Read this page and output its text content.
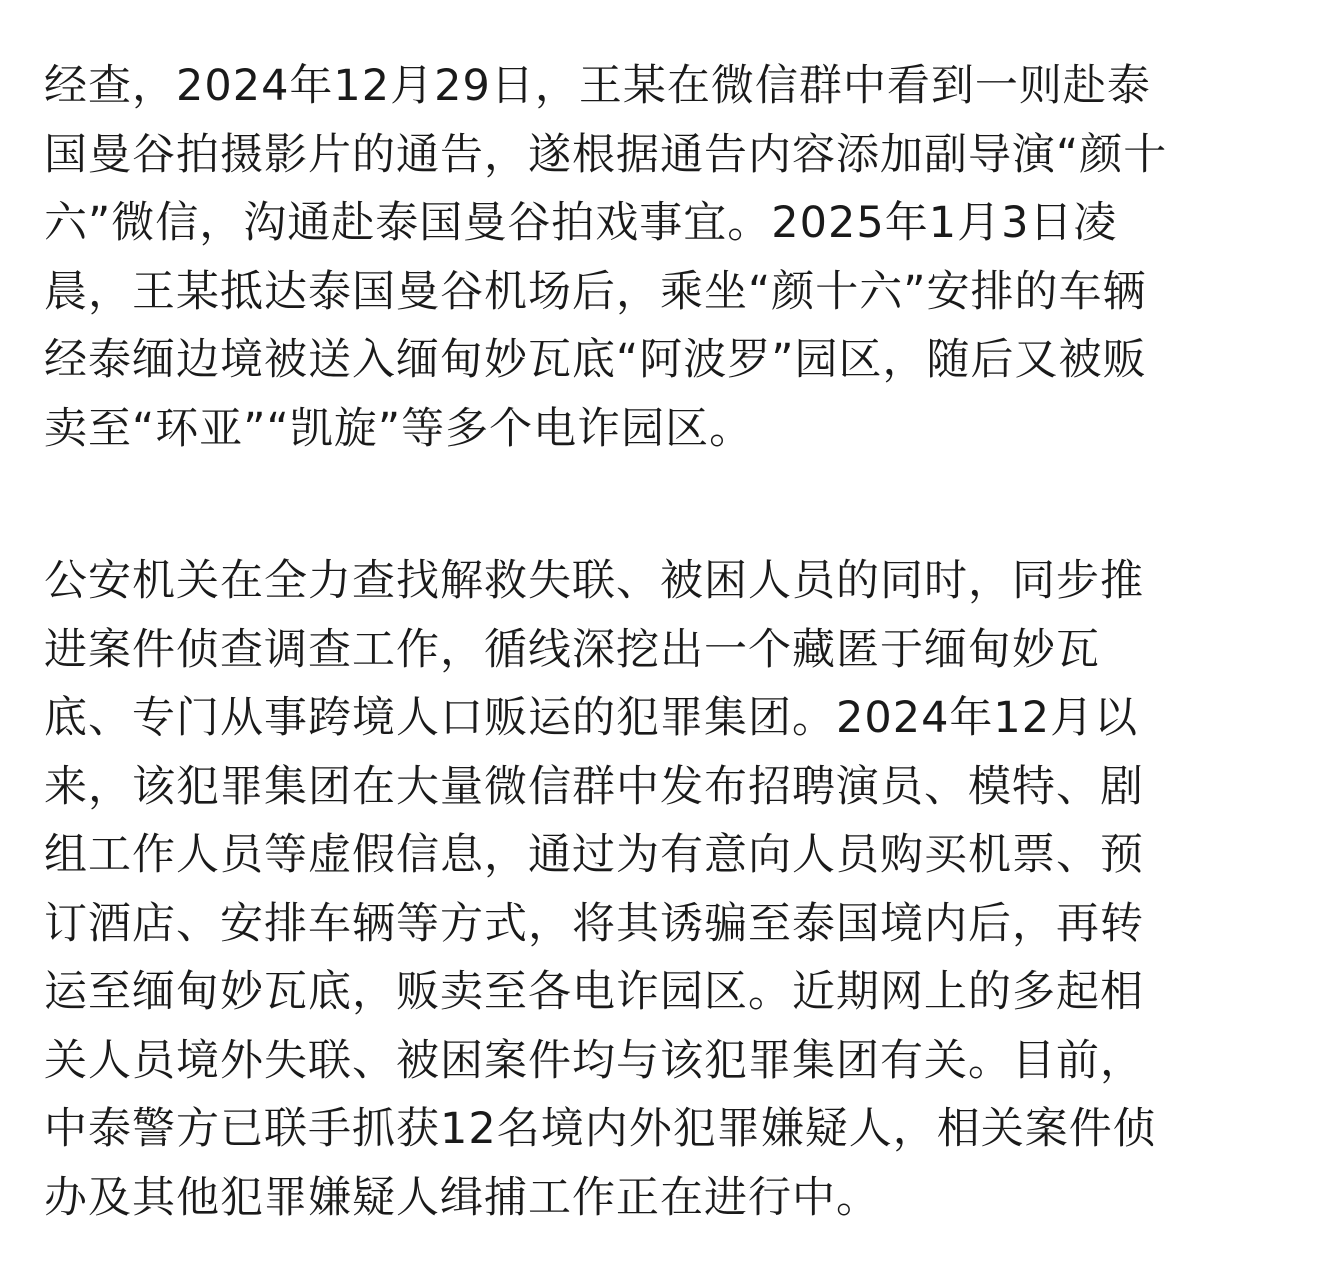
经查，2024年12月29日，王某在微信群中看到一则赴泰
国曼谷拍摄影片的通告，遂根据通告内容添加副导演“颜十
六”微信，沟通赴泰国曼谷拍戏事宜。2025年1月3日凌
晨，王某抵达泰国曼谷机场后，乘坐“颜十六”安排的车辆
经泰缅边境被送入缅甸妙瓦底“阿波罗”园区，随后又被贩
卖至“环亚”“凯旋”等多个电诈园区。

公安机关在全力查找解救失联、被困人员的同时，同步推
进案件侦查调查工作，循线深挖出一个藏匿于缅甸妙瓦
底、专门从事跨境人口贩运的犯罪集团。2024年12月以
来，该犯罪集团在大量微信群中发布招聘演员、模特、剧
组工作人员等虚假信息，通过为有意向人员购买机票、预
订酒店、安排车辆等方式，将其诱骗至泰国境内后，再转
运至缅甸妙瓦底，贩卖至各电诈园区。近期网上的多起相
关人员境外失联、被困案件均与该犯罪集团有关。目前，
中泰警方已联手抓获12名境内外犯罪嫌疑人，相关案件侦
办及其他犯罪嫌疑人缉捕工作正在进行中。
